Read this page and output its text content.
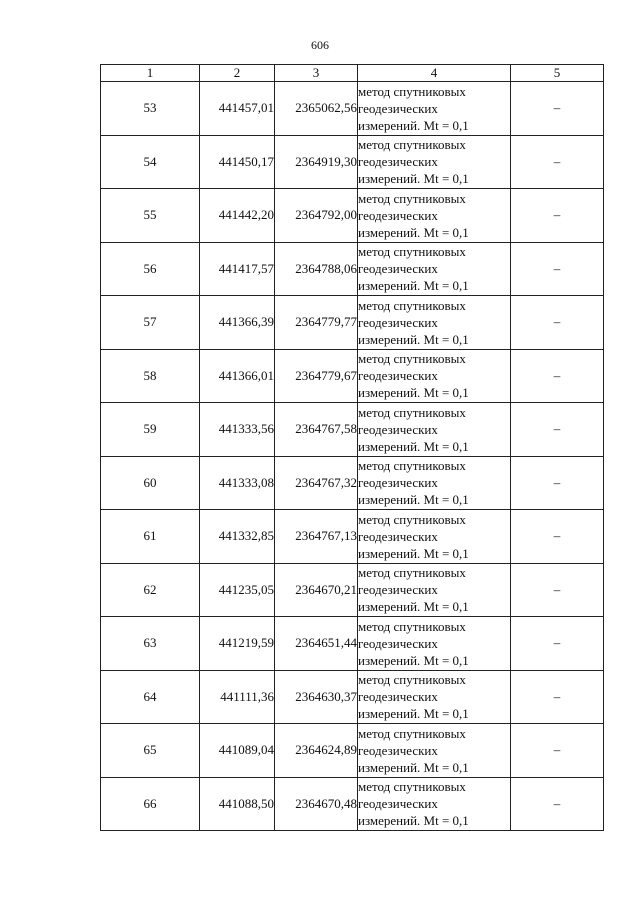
606
1	2	3	4	5
53	441457,01	2365062,56	метод спутниковых
геодезических
измерений. Mt = 0,1	–
54	441450,17	2364919,30	метод спутниковых
геодезических
измерений. Mt = 0,1	–
55	441442,20	2364792,00	метод спутниковых
геодезических
измерений. Mt = 0,1	–
56	441417,57	2364788,06	метод спутниковых
геодезических
измерений. Mt = 0,1	–
57	441366,39	2364779,77	метод спутниковых
геодезических
измерений. Mt = 0,1	–
58	441366,01	2364779,67	метод спутниковых
геодезических
измерений. Mt = 0,1	–
59	441333,56	2364767,58	метод спутниковых
геодезических
измерений. Mt = 0,1	–
60	441333,08	2364767,32	метод спутниковых
геодезических
измерений. Mt = 0,1	–
61	441332,85	2364767,13	метод спутниковых
геодезических
измерений. Mt = 0,1	–
62	441235,05	2364670,21	метод спутниковых
геодезических
измерений. Mt = 0,1	–
63	441219,59	2364651,44	метод спутниковых
геодезических
измерений. Mt = 0,1	–
64	441111,36	2364630,37	метод спутниковых
геодезических
измерений. Mt = 0,1	–
65	441089,04	2364624,89	метод спутниковых
геодезических
измерений. Mt = 0,1	–
66	441088,50	2364670,48	метод спутниковых
геодезических
измерений. Mt = 0,1	–
